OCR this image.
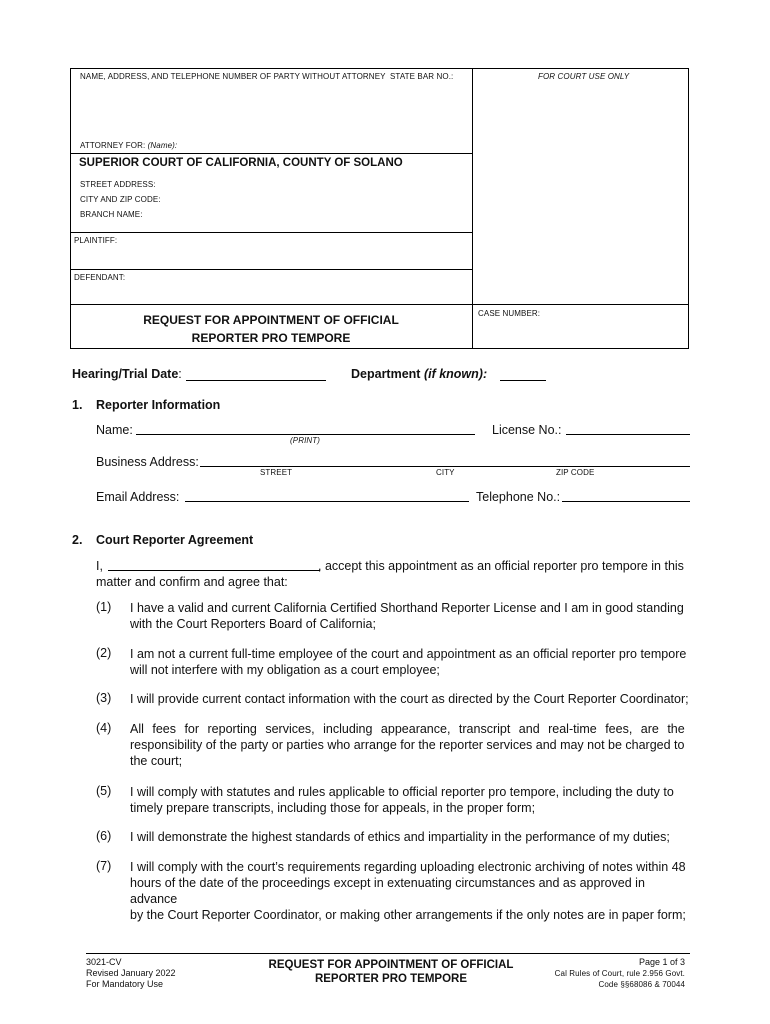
NAME, ADDRESS, AND TELEPHONE NUMBER OF PARTY WITHOUT ATTORNEY STATE BAR NO.:	FOR COURT USE ONLY
ATTORNEY FOR: (Name):
SUPERIOR COURT OF CALIFORNIA, COUNTY OF SOLANO
STREET ADDRESS:
CITY AND ZIP CODE:
BRANCH NAME:
PLAINTIFF:
DEFENDANT:
REQUEST FOR APPOINTMENT OF OFFICIAL
REPORTER PRO TEMPORE
CASE NUMBER:
Hearing/Trial Date:	Department (if known):
1. Reporter Information
Name:
(PRINT)
License No.:
Business Address:
STREET	CITY	ZIP CODE
Email Address:	Telephone No.:
2. Court Reporter Agreement
I,	, accept this appointment as an official reporter pro tempore in this
matter and confirm and agree that:
(1) I have a valid and current California Certified Shorthand Reporter License and I am in good standing
with the Court Reporters Board of California;
(2) I am not a current full-time employee of the court and appointment as an official reporter pro tempore
will not interfere with my obligation as a court employee;
(3) I will provide current contact information with the court as directed by the Court Reporter Coordinator;
(4) All fees for reporting services, including appearance, transcript and real-time fees, are the
responsibility of the party or parties who arrange for the reporter services and may not be charged to
the court;
(5) I will comply with statutes and rules applicable to official reporter pro tempore, including the duty to
timely prepare transcripts, including those for appeals, in the proper form;
(6) I will demonstrate the highest standards of ethics and impartiality in the performance of my duties;
(7) I will comply with the court’s requirements regarding uploading electronic archiving of notes within 48
hours of the date of the proceedings except in extenuating circumstances and as approved in advance
by the Court Reporter Coordinator, or making other arrangements if the only notes are in paper form;
3021-CV
Revised January 2022
For Mandatory Use
REQUEST FOR APPOINTMENT OF OFFICIAL
REPORTER PRO TEMPORE
Page 1 of 3
Cal Rules of Court, rule 2.956 Govt.
Code §§68086 & 70044
